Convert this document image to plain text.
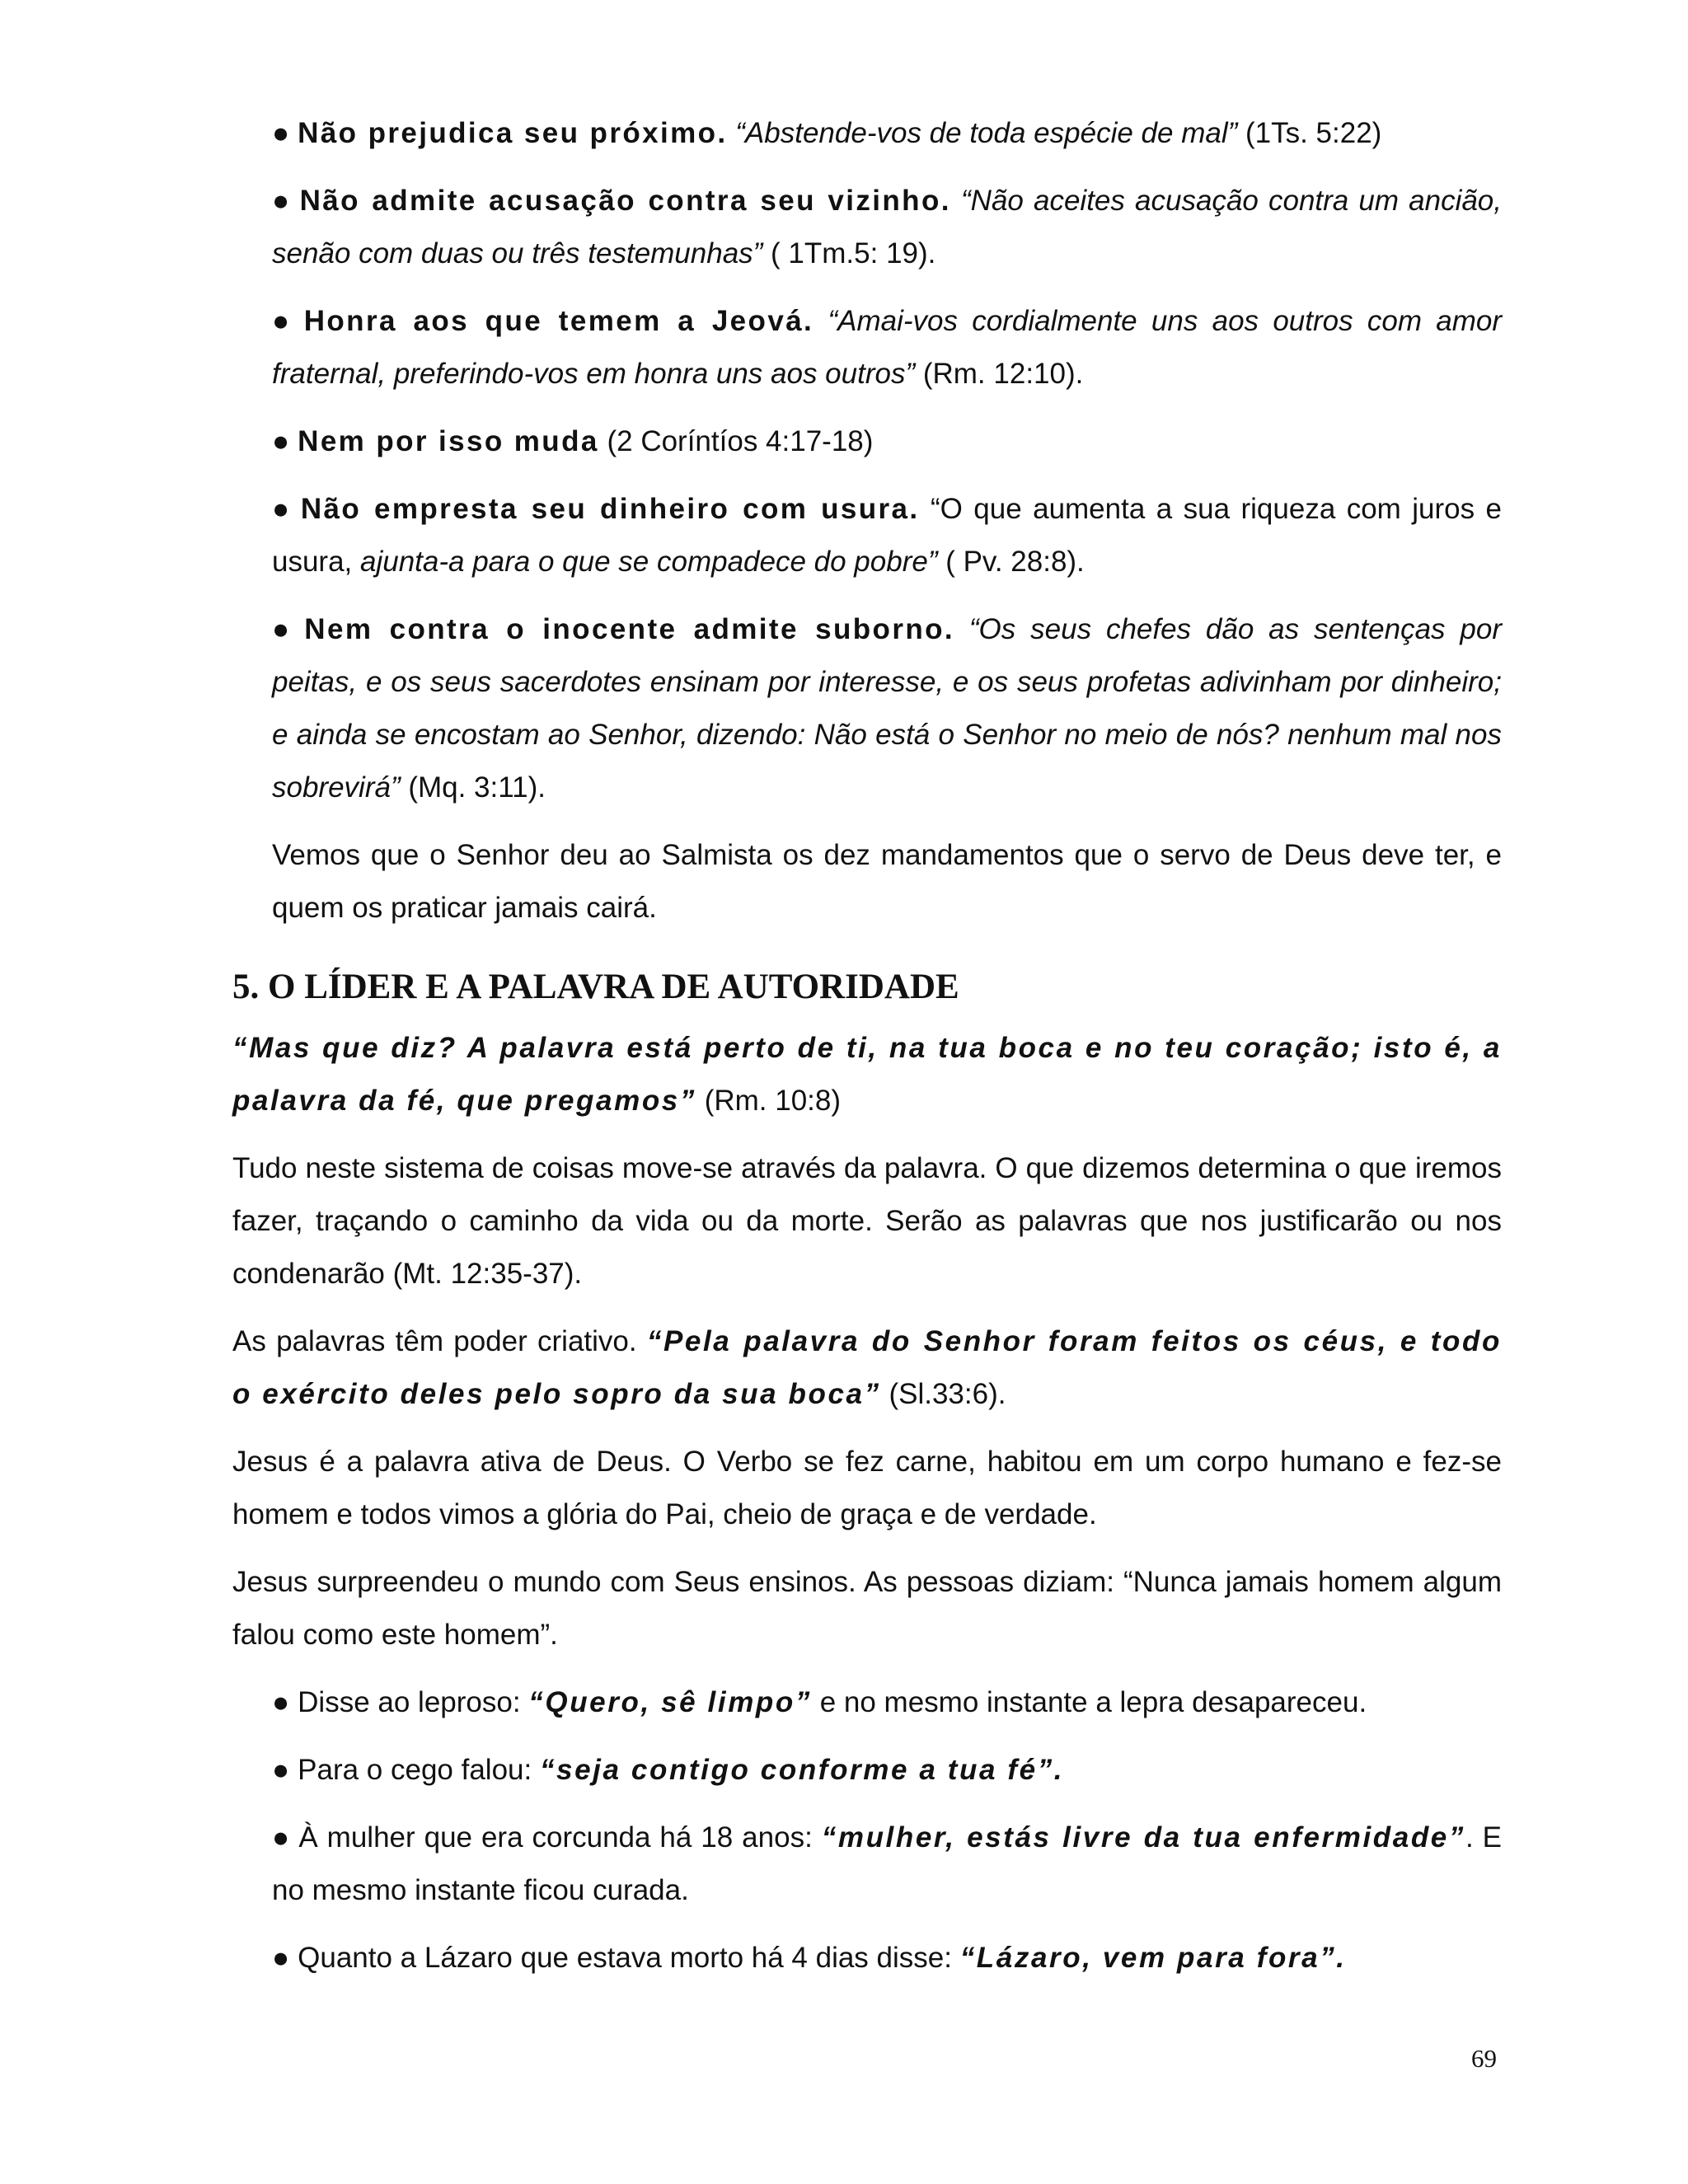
● Não prejudica seu próximo. “Abstende-vos de toda espécie de mal” (1Ts. 5:22)

● Não admite acusação contra seu vizinho. “Não aceites acusação contra um ancião, senão com duas ou três testemunhas” ( 1Tm.5: 19).

● Honra aos que temem a Jeová. “Amai-vos cordialmente uns aos outros com amor fraternal, preferindo-vos em honra uns aos outros” (Rm. 12:10).

● Nem por isso muda (2 Coríntíos 4:17-18)

● Não empresta seu dinheiro com usura. “O que aumenta a sua riqueza com juros e usura, ajunta-a para o que se compadece do pobre” ( Pv. 28:8).

● Nem contra o inocente admite suborno. “Os seus chefes dão as sentenças por peitas, e os seus sacerdotes ensinam por interesse, e os seus profetas adivinham por dinheiro; e ainda se encostam ao Senhor, dizendo: Não está o Senhor no meio de nós? nenhum mal nos sobrevirá” (Mq. 3:11).

Vemos que o Senhor deu ao Salmista os dez mandamentos que o servo de Deus deve ter, e quem os praticar jamais cairá.

5. O LÍDER E A PALAVRA DE AUTORIDADE

“Mas que diz? A palavra está perto de ti, na tua boca e no teu coração; isto é, a palavra da fé, que pregamos” (Rm. 10:8)

Tudo neste sistema de coisas move-se através da palavra. O que dizemos determina o que iremos fazer, traçando o caminho da vida ou da morte. Serão as palavras que nos justificarão ou nos condenarão (Mt. 12:35-37).

As palavras têm poder criativo. “Pela palavra do Senhor foram feitos os céus, e todo o exército deles pelo sopro da sua boca” (Sl.33:6).

Jesus é a palavra ativa de Deus. O Verbo se fez carne, habitou em um corpo humano e fez-se homem e todos vimos a glória do Pai, cheio de graça e de verdade.

Jesus surpreendeu o mundo com Seus ensinos. As pessoas diziam: “Nunca jamais homem algum falou como este homem”.

● Disse ao leproso: “Quero, sê limpo” e no mesmo instante a lepra desapareceu.

● Para o cego falou: “seja contigo conforme a tua fé”.

● À mulher que era corcunda há 18 anos: “mulher, estás livre da tua enfermidade”. E no mesmo instante ficou curada.

● Quanto a Lázaro que estava morto há 4 dias disse: “Lázaro, vem para fora”.

69
